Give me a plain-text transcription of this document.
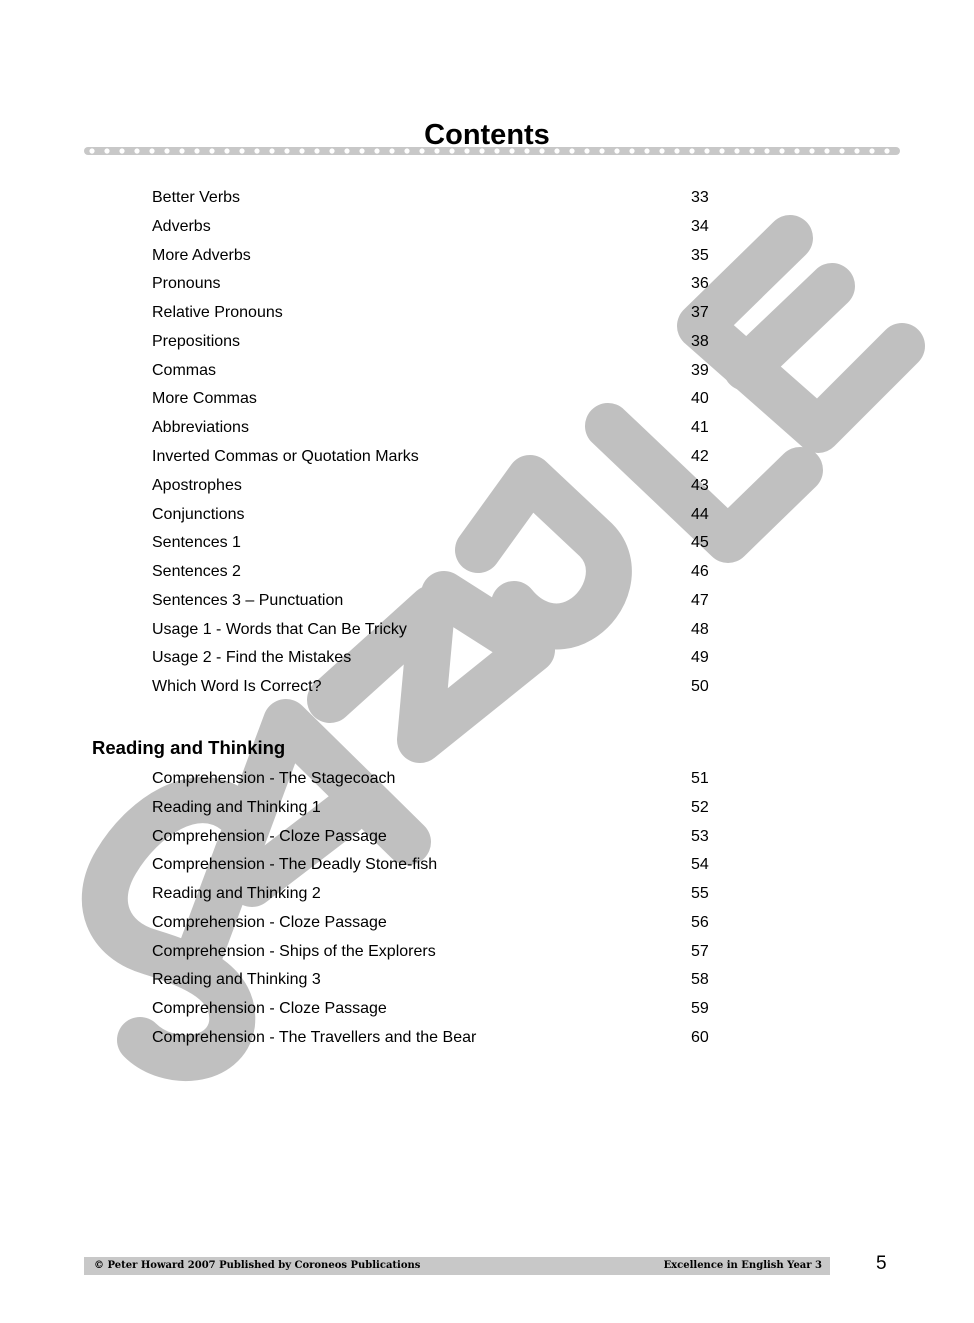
Contents
Better Verbs	33
Adverbs	34
More Adverbs	35
Pronouns	36
Relative Pronouns	37
Prepositions	38
Commas	39
More Commas	40
Abbreviations	41
Inverted Commas or Quotation Marks	42
Apostrophes	43
Conjunctions	44
Sentences 1	45
Sentences 2	46
Sentences 3 – Punctuation	47
Usage 1 - Words that Can Be Tricky	48
Usage 2 - Find the Mistakes	49
Which Word Is Correct?	50
Reading and Thinking
Comprehension - The Stagecoach	51
Reading and Thinking 1	52
Comprehension - Cloze Passage	53
Comprehension - The Deadly Stone-fish	54
Reading and Thinking 2	55
Comprehension - Cloze Passage	56
Comprehension - Ships of the Explorers	57
Reading and Thinking 3	58
Comprehension - Cloze Passage	59
Comprehension - The Travellers and the Bear	60
© Peter Howard 2007 Published by Coroneos Publications	Excellence in English Year 3	5
